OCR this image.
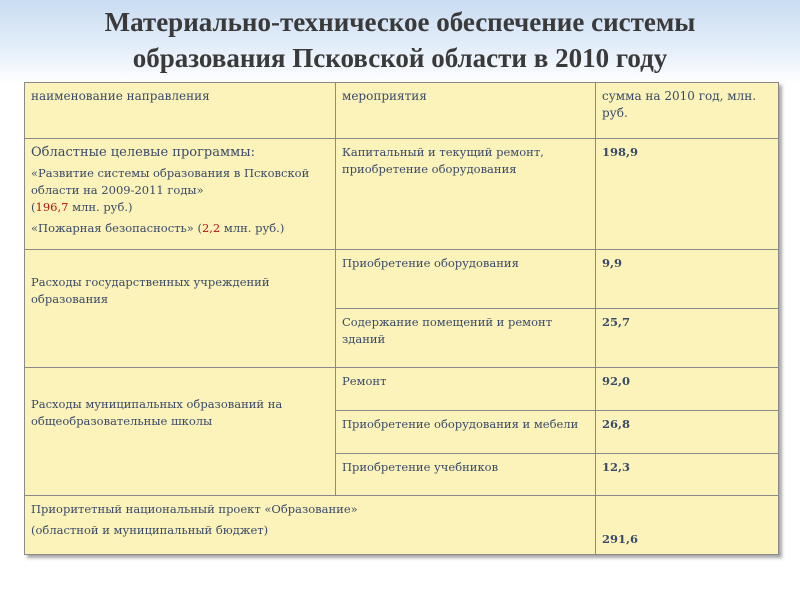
Материально-техническое обеспечение системы
образования Псковской области в 2010 году
наименование направления	мероприятия	сумма на 2010 год, млн. руб.

Областные целевые программы:

«Развитие системы образования в Псковской области на 2009-2011 годы»
(196,7 млн. руб.)

«Пожарная безопасность» (2,2 млн. руб.)	Капитальный и текущий ремонт, приобретение оборудования	198,9
Расходы государственных учреждений образования	Приобретение оборудования	9,9
	Содержание помещений и ремонт зданий	25,7
Расходы муниципальных образований на общеобразовательные школы	Ремонт	92,0
	Приобретение оборудования и мебели	26,8
	Приобретение учебников	12,3

Приоритетный национальный проект «Образование»

(областной и муниципальный бюджет)		291,6
